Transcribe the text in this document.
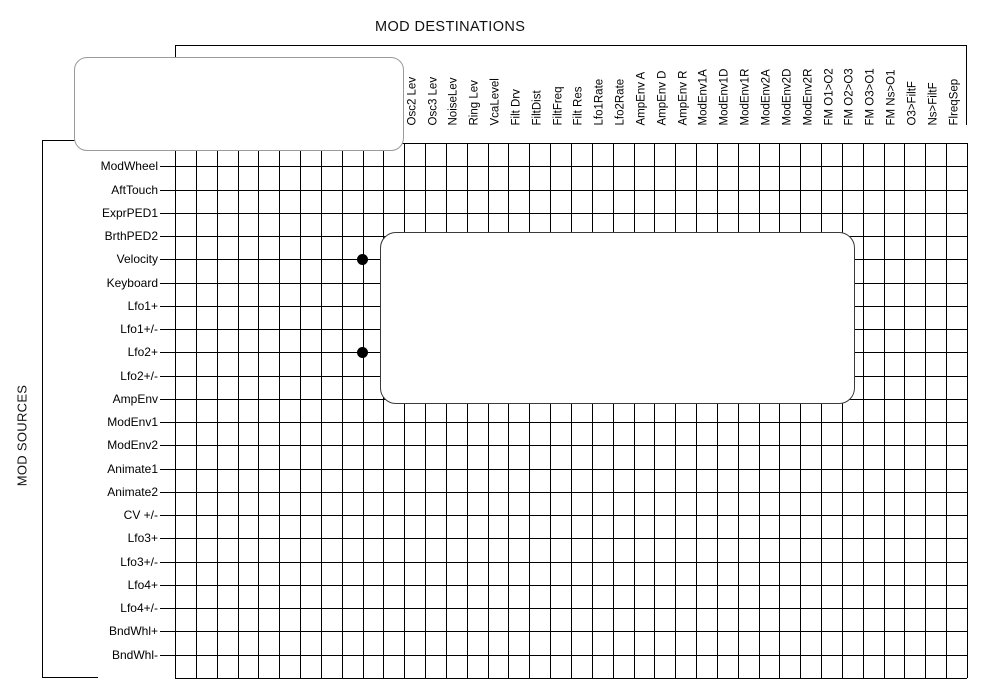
MOD DESTINATIONS
MOD SOURCES
Osc2 Lev Osc3 Lev NoiseLev Ring Lev VcaLevel Filt Drv FiltDist FiltFreq Filt Res Lfo1Rate Lfo2Rate AmpEnv A AmpEnv D AmpEnv R ModEnv1A ModEnv1D ModEnv1R ModEnv2A ModEnv2D ModEnv2R FM O1>O2 FM O2>O3 FM O3>O1 FM Ns>O1 O3>FiltF Ns>FiltF FlreqSep
ModWheel
AftTouch
ExprPED1
BrthPED2
Velocity
Keyboard
Lfo1+
Lfo1+/-
Lfo2+
Lfo2+/-
AmpEnv
ModEnv1
ModEnv2
Animate1
Animate2
CV +/-
Lfo3+
Lfo3+/-
Lfo4+
Lfo4+/-
BndWhl+
BndWhl-
